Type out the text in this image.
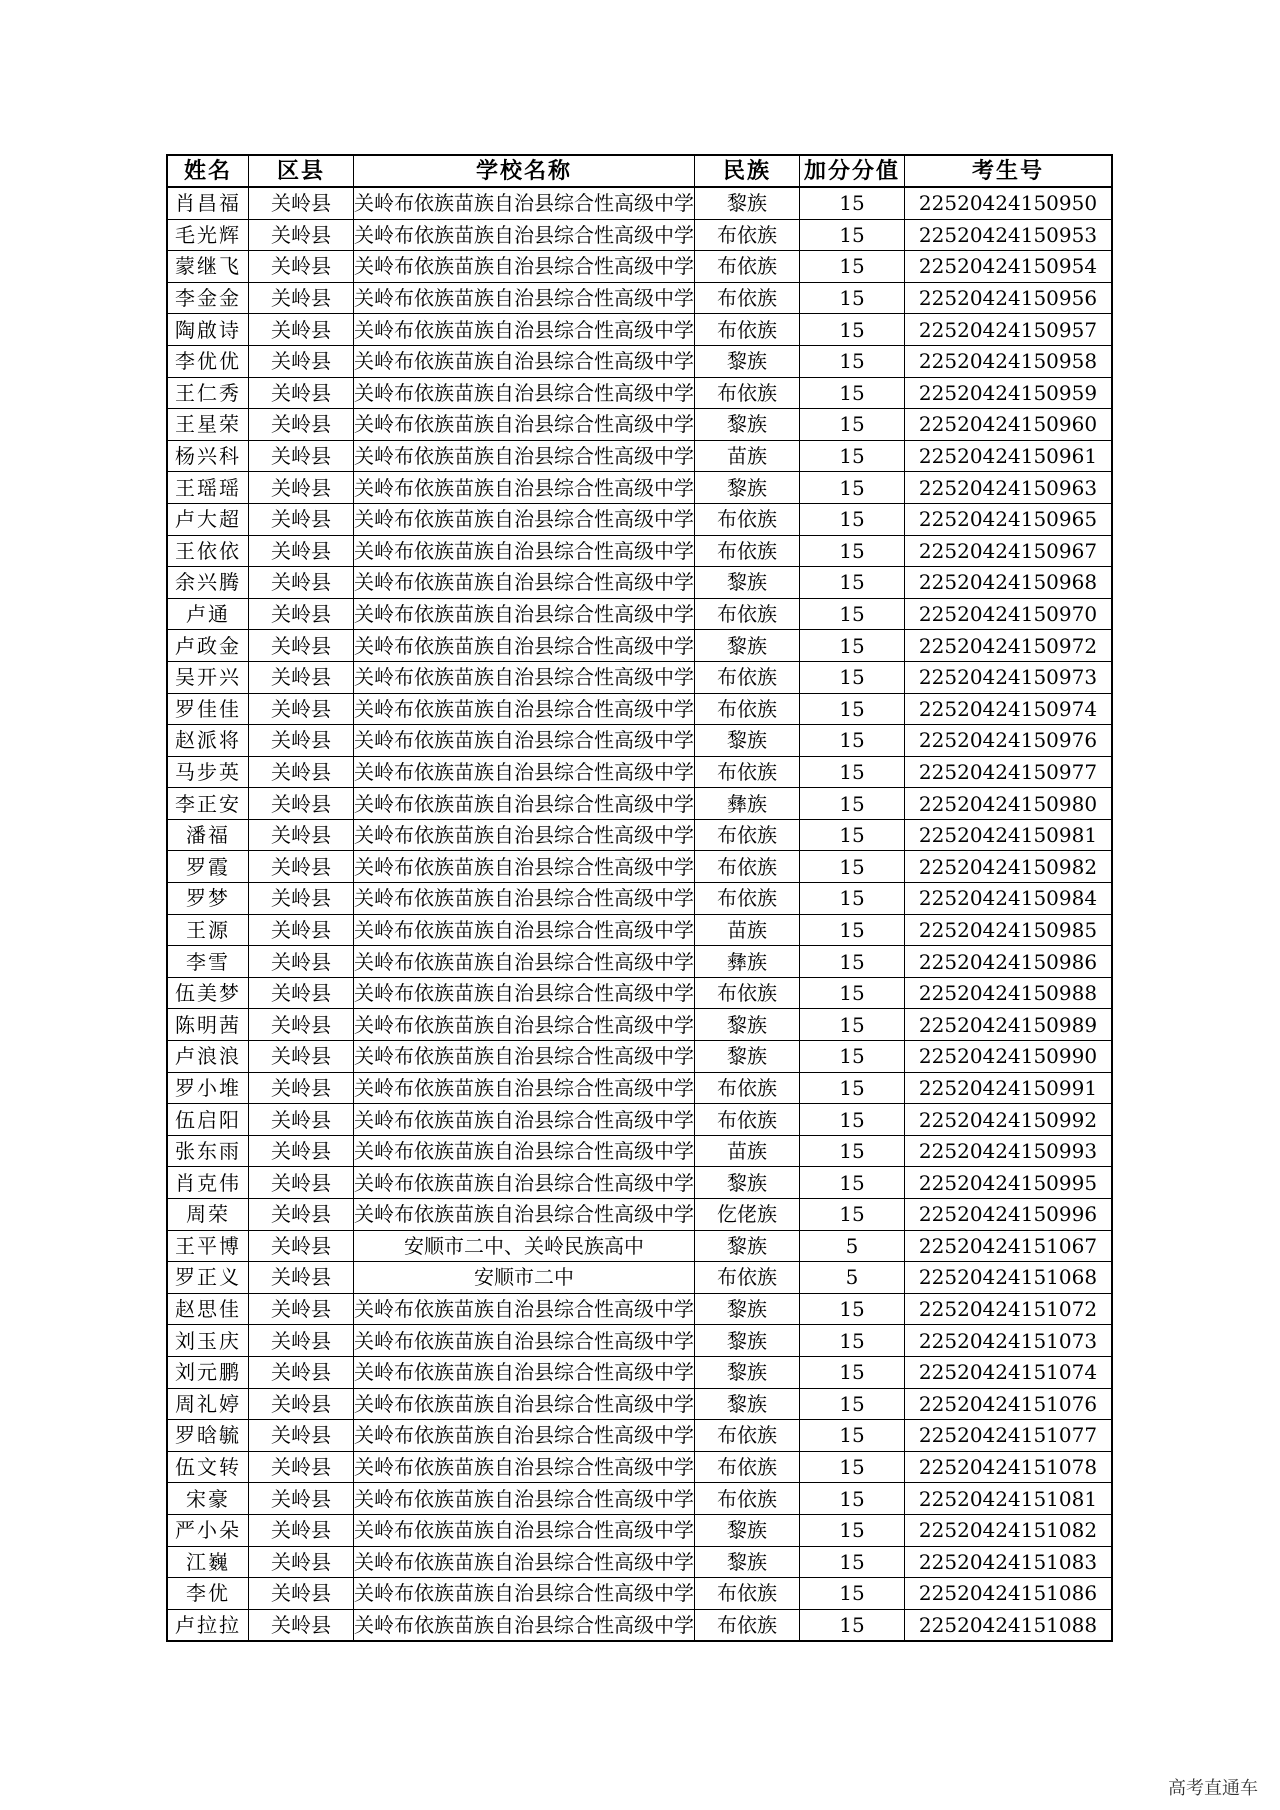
姓名	区县	学校名称	民族	加分分值	考生号
肖昌福	关岭县	关岭布依族苗族自治县综合性高级中学	黎族	15	22520424150950
毛光辉	关岭县	关岭布依族苗族自治县综合性高级中学	布依族	15	22520424150953
蒙继飞	关岭县	关岭布依族苗族自治县综合性高级中学	布依族	15	22520424150954
李金金	关岭县	关岭布依族苗族自治县综合性高级中学	布依族	15	22520424150956
陶啟诗	关岭县	关岭布依族苗族自治县综合性高级中学	布依族	15	22520424150957
李优优	关岭县	关岭布依族苗族自治县综合性高级中学	黎族	15	22520424150958
王仁秀	关岭县	关岭布依族苗族自治县综合性高级中学	布依族	15	22520424150959
王星荣	关岭县	关岭布依族苗族自治县综合性高级中学	黎族	15	22520424150960
杨兴科	关岭县	关岭布依族苗族自治县综合性高级中学	苗族	15	22520424150961
王瑶瑶	关岭县	关岭布依族苗族自治县综合性高级中学	黎族	15	22520424150963
卢大超	关岭县	关岭布依族苗族自治县综合性高级中学	布依族	15	22520424150965
王依依	关岭县	关岭布依族苗族自治县综合性高级中学	布依族	15	22520424150967
余兴腾	关岭县	关岭布依族苗族自治县综合性高级中学	黎族	15	22520424150968
卢通	关岭县	关岭布依族苗族自治县综合性高级中学	布依族	15	22520424150970
卢政金	关岭县	关岭布依族苗族自治县综合性高级中学	黎族	15	22520424150972
吴开兴	关岭县	关岭布依族苗族自治县综合性高级中学	布依族	15	22520424150973
罗佳佳	关岭县	关岭布依族苗族自治县综合性高级中学	布依族	15	22520424150974
赵派将	关岭县	关岭布依族苗族自治县综合性高级中学	黎族	15	22520424150976
马步英	关岭县	关岭布依族苗族自治县综合性高级中学	布依族	15	22520424150977
李正安	关岭县	关岭布依族苗族自治县综合性高级中学	彝族	15	22520424150980
潘福	关岭县	关岭布依族苗族自治县综合性高级中学	布依族	15	22520424150981
罗霞	关岭县	关岭布依族苗族自治县综合性高级中学	布依族	15	22520424150982
罗梦	关岭县	关岭布依族苗族自治县综合性高级中学	布依族	15	22520424150984
王源	关岭县	关岭布依族苗族自治县综合性高级中学	苗族	15	22520424150985
李雪	关岭县	关岭布依族苗族自治县综合性高级中学	彝族	15	22520424150986
伍美梦	关岭县	关岭布依族苗族自治县综合性高级中学	布依族	15	22520424150988
陈明茜	关岭县	关岭布依族苗族自治县综合性高级中学	黎族	15	22520424150989
卢浪浪	关岭县	关岭布依族苗族自治县综合性高级中学	黎族	15	22520424150990
罗小堆	关岭县	关岭布依族苗族自治县综合性高级中学	布依族	15	22520424150991
伍启阳	关岭县	关岭布依族苗族自治县综合性高级中学	布依族	15	22520424150992
张东雨	关岭县	关岭布依族苗族自治县综合性高级中学	苗族	15	22520424150993
肖克伟	关岭县	关岭布依族苗族自治县综合性高级中学	黎族	15	22520424150995
周荣	关岭县	关岭布依族苗族自治县综合性高级中学	仡佬族	15	22520424150996
王平博	关岭县	安顺市二中、关岭民族高中	黎族	5	22520424151067
罗正义	关岭县	安顺市二中	布依族	5	22520424151068
赵思佳	关岭县	关岭布依族苗族自治县综合性高级中学	黎族	15	22520424151072
刘玉庆	关岭县	关岭布依族苗族自治县综合性高级中学	黎族	15	22520424151073
刘元鹏	关岭县	关岭布依族苗族自治县综合性高级中学	黎族	15	22520424151074
周礼婷	关岭县	关岭布依族苗族自治县综合性高级中学	黎族	15	22520424151076
罗晗毓	关岭县	关岭布依族苗族自治县综合性高级中学	布依族	15	22520424151077
伍文转	关岭县	关岭布依族苗族自治县综合性高级中学	布依族	15	22520424151078
宋豪	关岭县	关岭布依族苗族自治县综合性高级中学	布依族	15	22520424151081
严小朵	关岭县	关岭布依族苗族自治县综合性高级中学	黎族	15	22520424151082
江巍	关岭县	关岭布依族苗族自治县综合性高级中学	黎族	15	22520424151083
李优	关岭县	关岭布依族苗族自治县综合性高级中学	布依族	15	22520424151086
卢拉拉	关岭县	关岭布依族苗族自治县综合性高级中学	布依族	15	22520424151088
高考直通车
